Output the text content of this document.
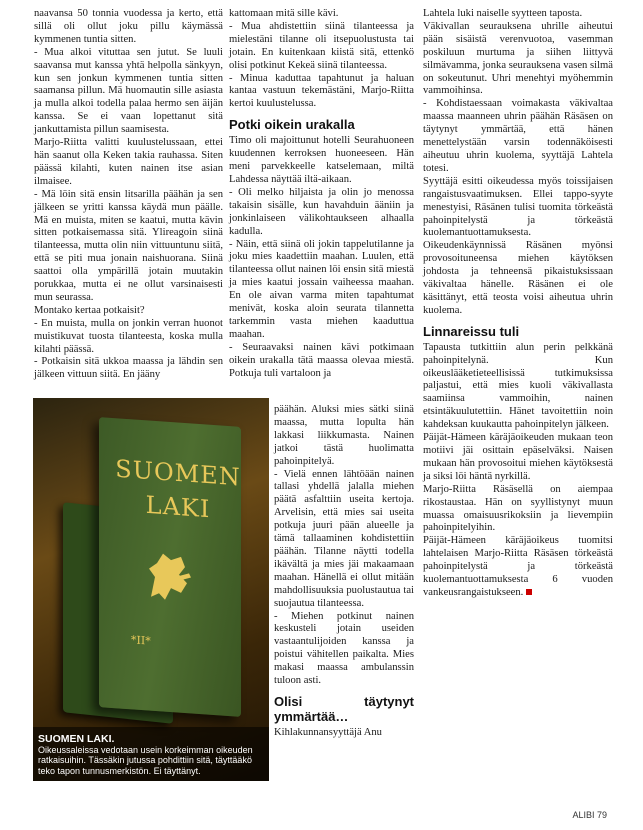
naavansa 50 tonnia vuodessa ja kerto, että sillä oli ollut joku pillu käymässä kymmenen tuntia sitten.

- Mua alkoi vituttaa sen jutut. Se luuli saavansa mut kanssa yhtä helpolla sänkyyn, kun sen jonkun kymmenen tuntia sitten saamansa pillun. Mä huomautin sille asiasta ja mulla alkoi todella palaa hermo sen äijän kanssa. Se ei vaan lopettanut sitä jankuttamista pillun saamisesta.

Marjo-Riitta valitti kuulustelussaan, ettei hän saanut olla Keken takia rauhassa. Siten päässä kilahti, kuten nainen itse asian ilmaisee.

- Mä löin sitä ensin litsarilla päähän ja sen jälkeen se yritti kanssa käydä mun päälle. Mä en muista, miten se kaatui, mutta kävin sitten potkaisemassa sitä. Ylireagoin siinä tilanteessa, mutta olin niin vittuuntunu siitä, että se piti mua jonain naishuorana. Siinä saattoi olla ympärillä jotain muutakin porukkaa, mutta ei ne ollut varsinaisesti mun seurassa.

Montako kertaa potkaisit?

- En muista, mulla on jonkin verran huonot muistikuvat tuosta tilanteesta, koska mulla kilahti päässä.

- Potkaisin sitä ukkoa maassa ja lähdin sen jälkeen vittuun siitä. En jääny

kattomaan mitä sille kävi.

- Mua ahdistettiin siinä tilanteessa ja mielestäni tilanne oli itsepuolustusta tai jotain. En kuitenkaan kiistä sitä, ettenkö olisi potkinut Kekeä siinä tilanteessa.

- Minua kaduttaa tapahtunut ja haluan kantaa vastuun tekemästäni, Marjo-Riitta kertoi kuulustelussa.

Potki oikein urakalla

Timo oli majoittunut hotelli Seurahuoneen kuudennen kerroksen huoneeseen. Hän meni parvekkeelle katselemaan, miltä Lahdessa näyttää iltä-aikaan.

- Oli melko hiljaista ja olin jo menossa takaisin sisälle, kun havahduin ääniin ja jonkinlaiseen välikohtaukseen alhaalla kadulla.

- Näin, että siinä oli jokin tappelutilanne ja joku mies kaadettiin maahan. Luulen, että tilanteessa ollut nainen löi ensin sitä miestä ja mies kaatui jossain vaiheessa maahan. En ole aivan varma miten tapahtumat menivät, koska aloin seurata tilannetta tarkemmin vasta miehen kaaduttua maahan.

- Seuraavaksi nainen kävi potkimaan oikein urakalla tätä maassa olevaa miestä. Potkuja tuli vartaloon ja

päähän. Aluksi mies sätki siinä maassa, mutta lopulta hän lakkasi liikkumasta. Nainen jatkoi tästä huolimatta pahoinpitelyä.

- Vielä ennen lähtöään nainen tallasi yhdellä jalalla miehen päätä asfalttiin useita kertoja. Arvelisin, että mies sai useita potkuja juuri pään alueelle ja tämä tallaaminen kohdistettiin päähän. Tilanne näytti todella ikävältä ja mies jäi makaamaan maahan. Hänellä ei ollut mitään mahdollisuuksia puolustautua tai suojautua tilanteessa.

- Miehen potkinut nainen keskusteli jotain useiden vastaantulijoiden kanssa ja poistui vähitellen paikalta. Mies makasi maassa ambulanssin tuloon asti.

Olisi täytynyt ymmärtää…

Kihlakunnansyyttäjä Anu

Lahtela luki naiselle syytteen taposta.

Väkivallan seurauksena uhrille aiheutui pään sisäistä verenvuotoa, vasemman poskiluun murtuma ja siihen liittyvä silmävamma, jonka seurauksena vasen silmä on sokeutunut. Uhri menehtyi myöhemmin vammoihinsa.

- Kohdistaessaan voimakasta väkivaltaa maassa maanneen uhrin päähän Räsäsen on täytynyt ymmärtää, että hänen menettelystään varsin todennäköisesti aiheutuu uhrin kuolema, syyttäjä Lahtela totesi.

Syyttäjä esitti oikeudessa myös toissijaisen rangaistusvaatimuksen. Ellei tappo-syyte menestyisi, Räsänen tulisi tuomita törkeästä pahoinpitelystä ja törkeästä kuolemantuottamuksesta.

Oikeudenkäynnissä Räsänen myönsi provosoituneensa miehen käytöksen johdosta ja tehneensä pikaistuksissaan väkivaltaa hänelle. Räsänen ei ole käsittänyt, että teosta voisi aiheutua uhrin kuolema.

Linnareissu tuli

Tapausta tutkittiin alun perin pelkkänä pahoinpitelynä. Kun oikeuslääketieteellisissä tutkimuksissa paljastui, että mies kuoli väkivallasta saamiinsa vammoihin, nainen etsintäkuulutettiin. Hänet tavoitettiin noin kahdeksan kuukautta pahoinpitelyn jälkeen.

Päijät-Hämeen käräjäoikeuden mukaan teon motiivi jäi osittain epäselväksi. Naisen mukaan hän provosoitui miehen käytöksestä ja siksi löi häntä nyrkillä.

Marjo-Riitta Räsäsellä on aiempaa rikostaustaa. Hän on syyllistynyt muun muassa omaisuusrikoksiin ja lievempiin pahoinpitelyihin.

Päijät-Hämeen käräjäoikeus tuomitsi lahtelaisen Marjo-Riitta Räsäsen törkeästä pahoinpitelystä ja törkeästä kuolemantuottamuksesta 6 vuoden vankeusrangaistukseen.

SUOMEN
LAKI
*II*
SUOMEN LAKI.
Oikeussaleissa vedotaan usein korkeimman oikeuden ratkaisuihin. Tässäkin jutussa pohdittiin sitä, täyttääkö teko tapon tunnusmerkistön. Ei täyttänyt.
ALIBI 79
